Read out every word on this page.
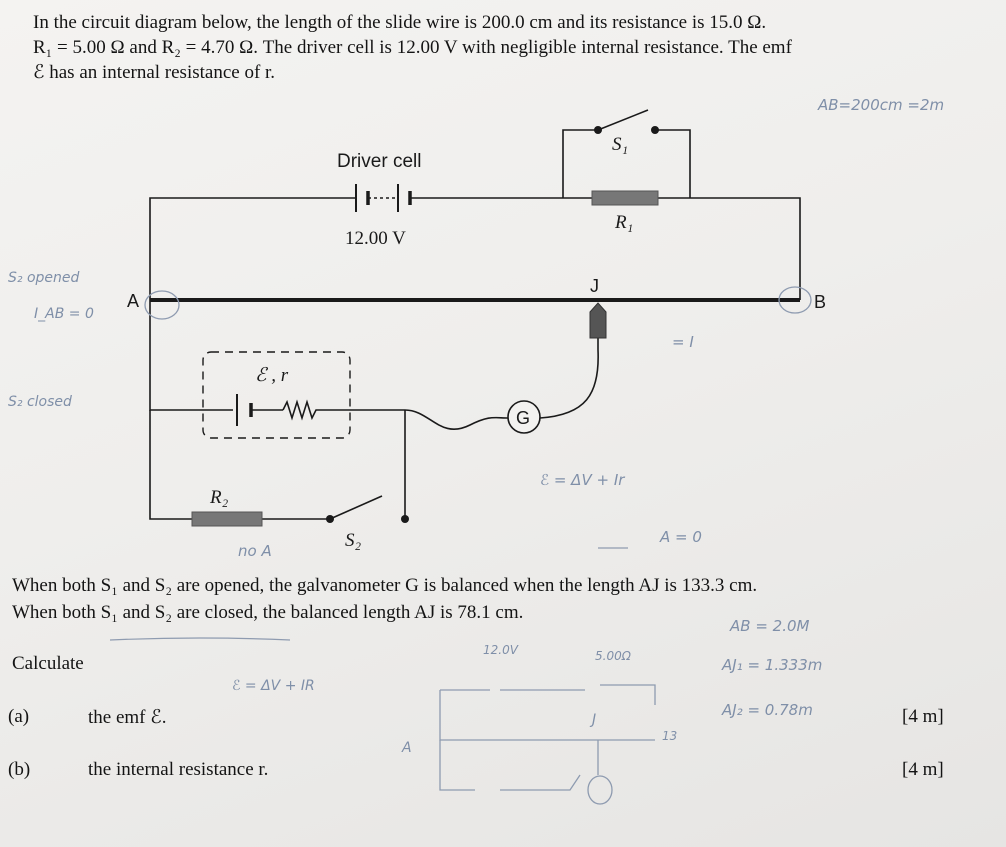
In the circuit diagram below, the length of the slide wire is 200.0 cm and its resistance is 15.0 Ω.

R₁ = 5.00 Ω and R₂ = 4.70 Ω. The driver cell is 12.00 V with negligible internal resistance. The emf

ℰ has an internal resistance of r.

Driver cell
12.00 V
S₁
R₁
A	B
J
ℰ , r
G
R₂
S₂
AB=200cm =2m
S₂ opened
I_AB = 0
S₂ closed
= I
ℰ = ΔV + Ir
A = 0
no A
12.0V	5.00Ω
ℰ = ΔV + IR
AB = 2.0M
AJ₁ = 1.333m
AJ₂ = 0.78m
J
A
13
When both S₁ and S₂ are opened, the galvanometer G is balanced when the length AJ is 133.3 cm.
When both S₁ and S₂ are closed, the balanced length AJ is 78.1 cm.
Calculate
(a)	the emf ℰ.	[4 m]
(b)	the internal resistance r.	[4 m]
